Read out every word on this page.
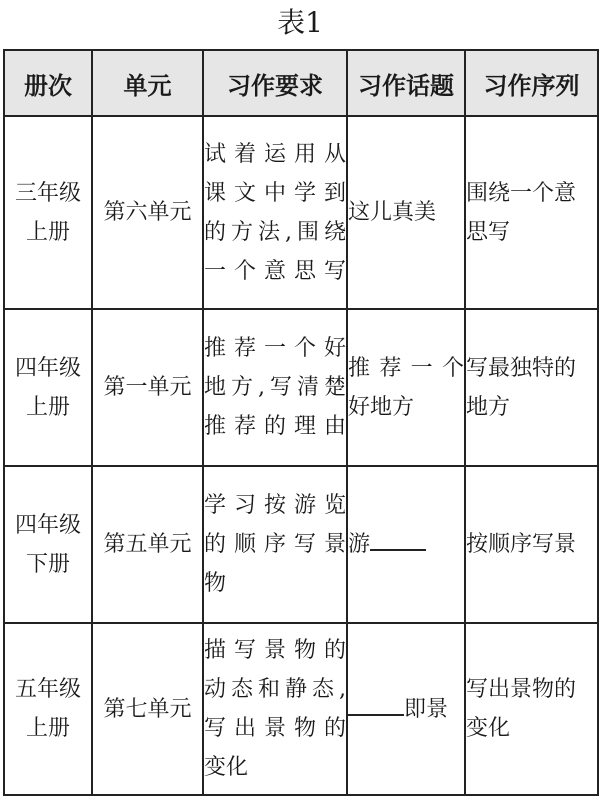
表1
册次	单元	习作要求	习作话题	习作序列

三年级
上册	第六单元	试着运用从
课文中学到
的方法,围绕
一个意思写	这儿真美	围绕一个意
思写

四年级
上册	第一单元	推荐一个好
地方,写清楚
推荐的理由	推荐一个
好地方	写最独特的
地方

四年级
下册	第五单元	学习按游览
的顺序写景
物	游	按顺序写景

五年级
上册	第七单元	描写景物的
动态和静态,
写出景物的
变化	即景	写出景物的
变化
